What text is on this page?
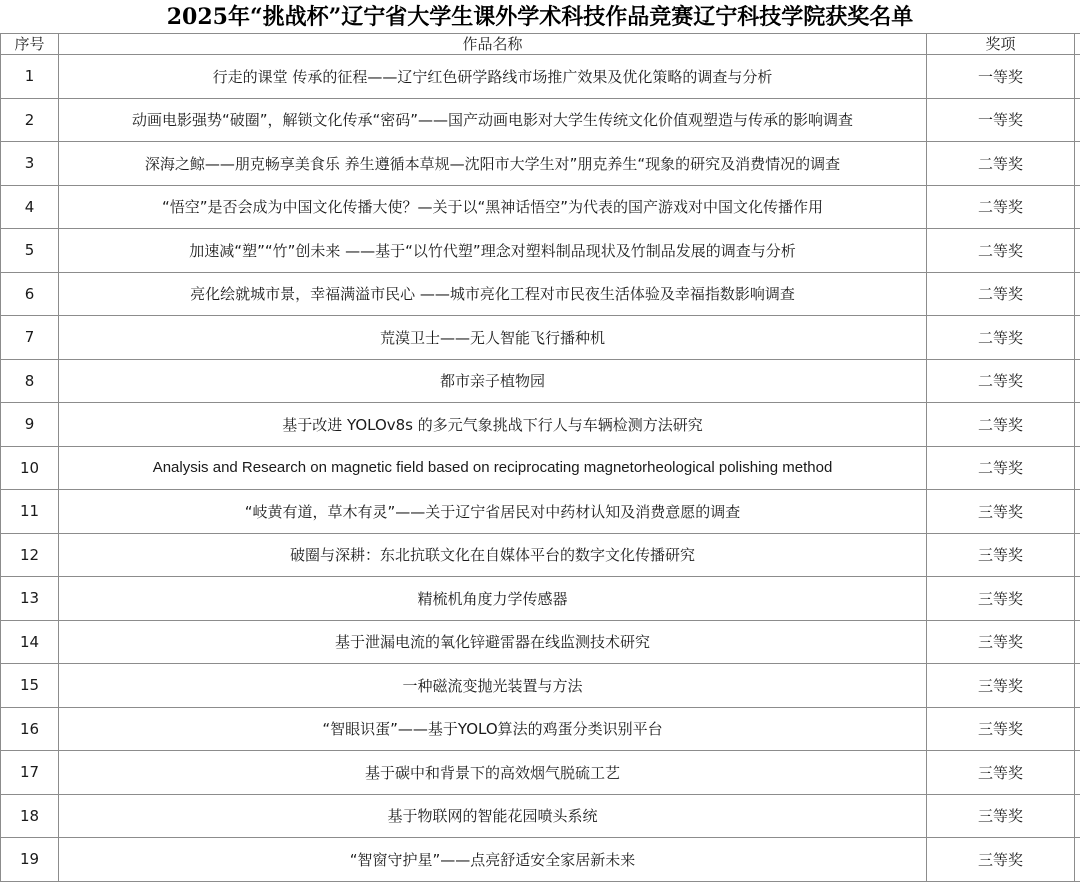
2025年“挑战杯”辽宁省大学生课外学术科技作品竞赛辽宁科技学院获奖名单
序号	作品名称	奖项	
1	行走的课堂 传承的征程——辽宁红色研学路线市场推广效果及优化策略的调查与分析	一等奖	
2	动画电影强势“破圈”，解锁文化传承“密码”——国产动画电影对大学生传统文化价值观塑造与传承的影响调查	一等奖	
3	深海之鲸——朋克畅享美食乐 养生遵循本草规—沈阳市大学生对”朋克养生“现象的研究及消费情况的调查	二等奖	
4	“悟空”是否会成为中国文化传播大使？—关于以“黑神话悟空”为代表的国产游戏对中国文化传播作用	二等奖	
5	加速减“塑”“竹”创未来 ——基于“以竹代塑”理念对塑料制品现状及竹制品发展的调查与分析	二等奖	
6	亮化绘就城市景，幸福满溢市民心 ——城市亮化工程对市民夜生活体验及幸福指数影响调查	二等奖	
7	荒漠卫士——无人智能飞行播种机	二等奖	
8	都市亲子植物园	二等奖	
9	基于改进 YOLOv8s 的多元气象挑战下行人与车辆检测方法研究	二等奖	
10	Analysis and Research on magnetic field based on reciprocating magnetorheological polishing method	二等奖	
11	“岐黄有道，草木有灵”——关于辽宁省居民对中药材认知及消费意愿的调查	三等奖	
12	破圈与深耕：东北抗联文化在自媒体平台的数字文化传播研究	三等奖	
13	精梳机角度力学传感器	三等奖	
14	基于泄漏电流的氧化锌避雷器在线监测技术研究	三等奖	
15	一种磁流变抛光装置与方法	三等奖	
16	“智眼识蛋”——基于YOLO算法的鸡蛋分类识别平台	三等奖	
17	基于碳中和背景下的高效烟气脱硫工艺	三等奖	
18	基于物联网的智能花园喷头系统	三等奖	
19	“智窗守护星”——点亮舒适安全家居新未来	三等奖	
